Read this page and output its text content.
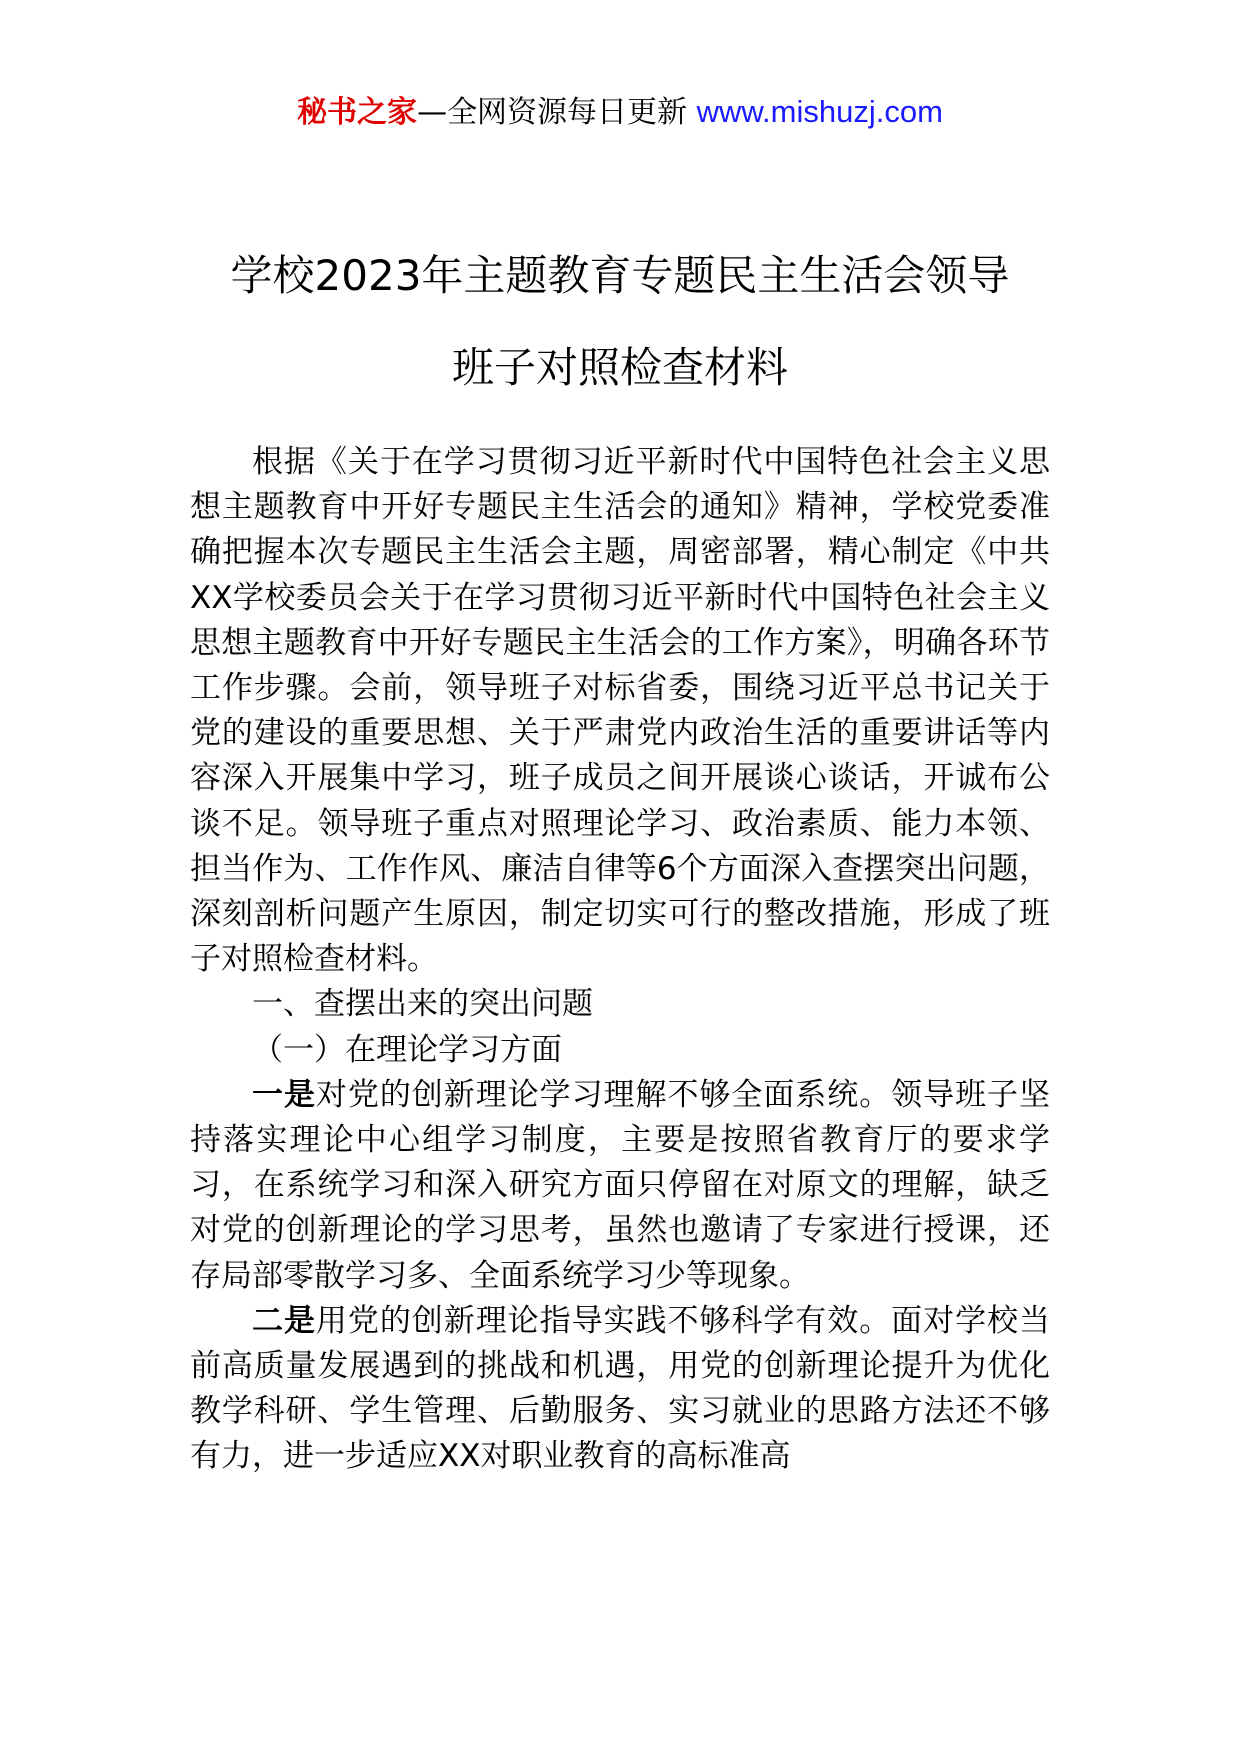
秘书之家—全网资源每日更新 www.mishuzj.com
学校2023年主题教育专题民主生活会领导
班子对照检查材料

根据《关于在学习贯彻习近平新时代中国特色社会主义思想主题教育中开好专题民主生活会的通知》精神，学校党委准确把握本次专题民主生活会主题，周密部署，精心制定《中共XX学校委员会关于在学习贯彻习近平新时代中国特色社会主义思想主题教育中开好专题民主生活会的工作方案》，明确各环节工作步骤。会前，领导班子对标省委，围绕习近平总书记关于党的建设的重要思想、关于严肃党内政治生活的重要讲话等内容深入开展集中学习，班子成员之间开展谈心谈话，开诚布公谈不足。领导班子重点对照理论学习、政治素质、能力本领、担当作为、工作作风、廉洁自律等6个方面深入查摆突出问题，深刻剖析问题产生原因，制定切实可行的整改措施，形成了班子对照检查材料。

一、查摆出来的突出问题

（一）在理论学习方面

一是对党的创新理论学习理解不够全面系统。领导班子坚持落实理论中心组学习制度，主要是按照省教育厅的要求学习，在系统学习和深入研究方面只停留在对原文的理解，缺乏对党的创新理论的学习思考，虽然也邀请了专家进行授课，还存局部零散学习多、全面系统学习少等现象。

二是用党的创新理论指导实践不够科学有效。面对学校当前高质量发展遇到的挑战和机遇，用党的创新理论提升为优化教学科研、学生管理、后勤服务、实习就业的思路方法还不够有力，进一步适应XX对职业教育的高标准高
